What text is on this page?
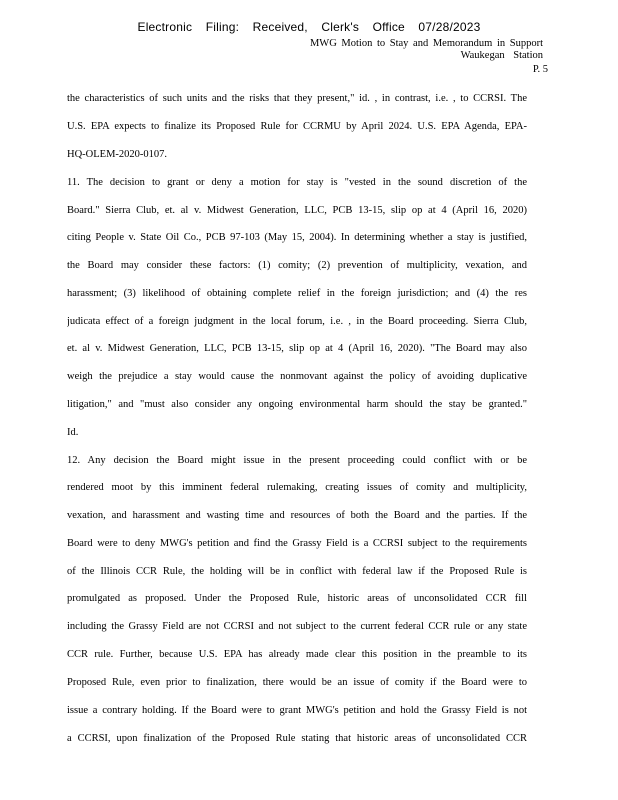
Electronic Filing: Received, Clerk's Office 07/28/2023
MWG Motion to Stay and Memorandum in Support
Waukegan Station
P. 5
the characteristics of such units and the risks that they present," id. , in contrast, i.e. , to CCRSI. The
U.S. EPA expects to finalize its Proposed Rule for CCRMU by April 2024. U.S. EPA Agenda, EPA-
HQ-OLEM-2020-0107.
11. The decision to grant or deny a motion for stay is "vested in the sound discretion of the
Board." Sierra Club, et. al v. Midwest Generation, LLC, PCB 13-15, slip op at 4 (April 16, 2020)
citing People v. State Oil Co., PCB 97-103 (May 15, 2004). In determining whether a stay is justified,
the Board may consider these factors: (1) comity; (2) prevention of multiplicity, vexation, and
harassment; (3) likelihood of obtaining complete relief in the foreign jurisdiction; and (4) the res
judicata effect of a foreign judgment in the local forum, i.e. , in the Board proceeding. Sierra Club,
et. al v. Midwest Generation, LLC, PCB 13-15, slip op at 4 (April 16, 2020). "The Board may also
weigh the prejudice a stay would cause the nonmovant against the policy of avoiding duplicative
litigation," and "must also consider any ongoing environmental harm should the stay be granted."
Id.
12. Any decision the Board might issue in the present proceeding could conflict with or be
rendered moot by this imminent federal rulemaking, creating issues of comity and multiplicity,
vexation, and harassment and wasting time and resources of both the Board and the parties. If the
Board were to deny MWG's petition and find the Grassy Field is a CCRSI subject to the requirements
of the Illinois CCR Rule, the holding will be in conflict with federal law if the Proposed Rule is
promulgated as proposed. Under the Proposed Rule, historic areas of unconsolidated CCR fill
including the Grassy Field are not CCRSI and not subject to the current federal CCR rule or any state
CCR rule. Further, because U.S. EPA has already made clear this position in the preamble to its
Proposed Rule, even prior to finalization, there would be an issue of comity if the Board were to
issue a contrary holding. If the Board were to grant MWG's petition and hold the Grassy Field is not
a CCRSI, upon finalization of the Proposed Rule stating that historic areas of unconsolidated CCR
